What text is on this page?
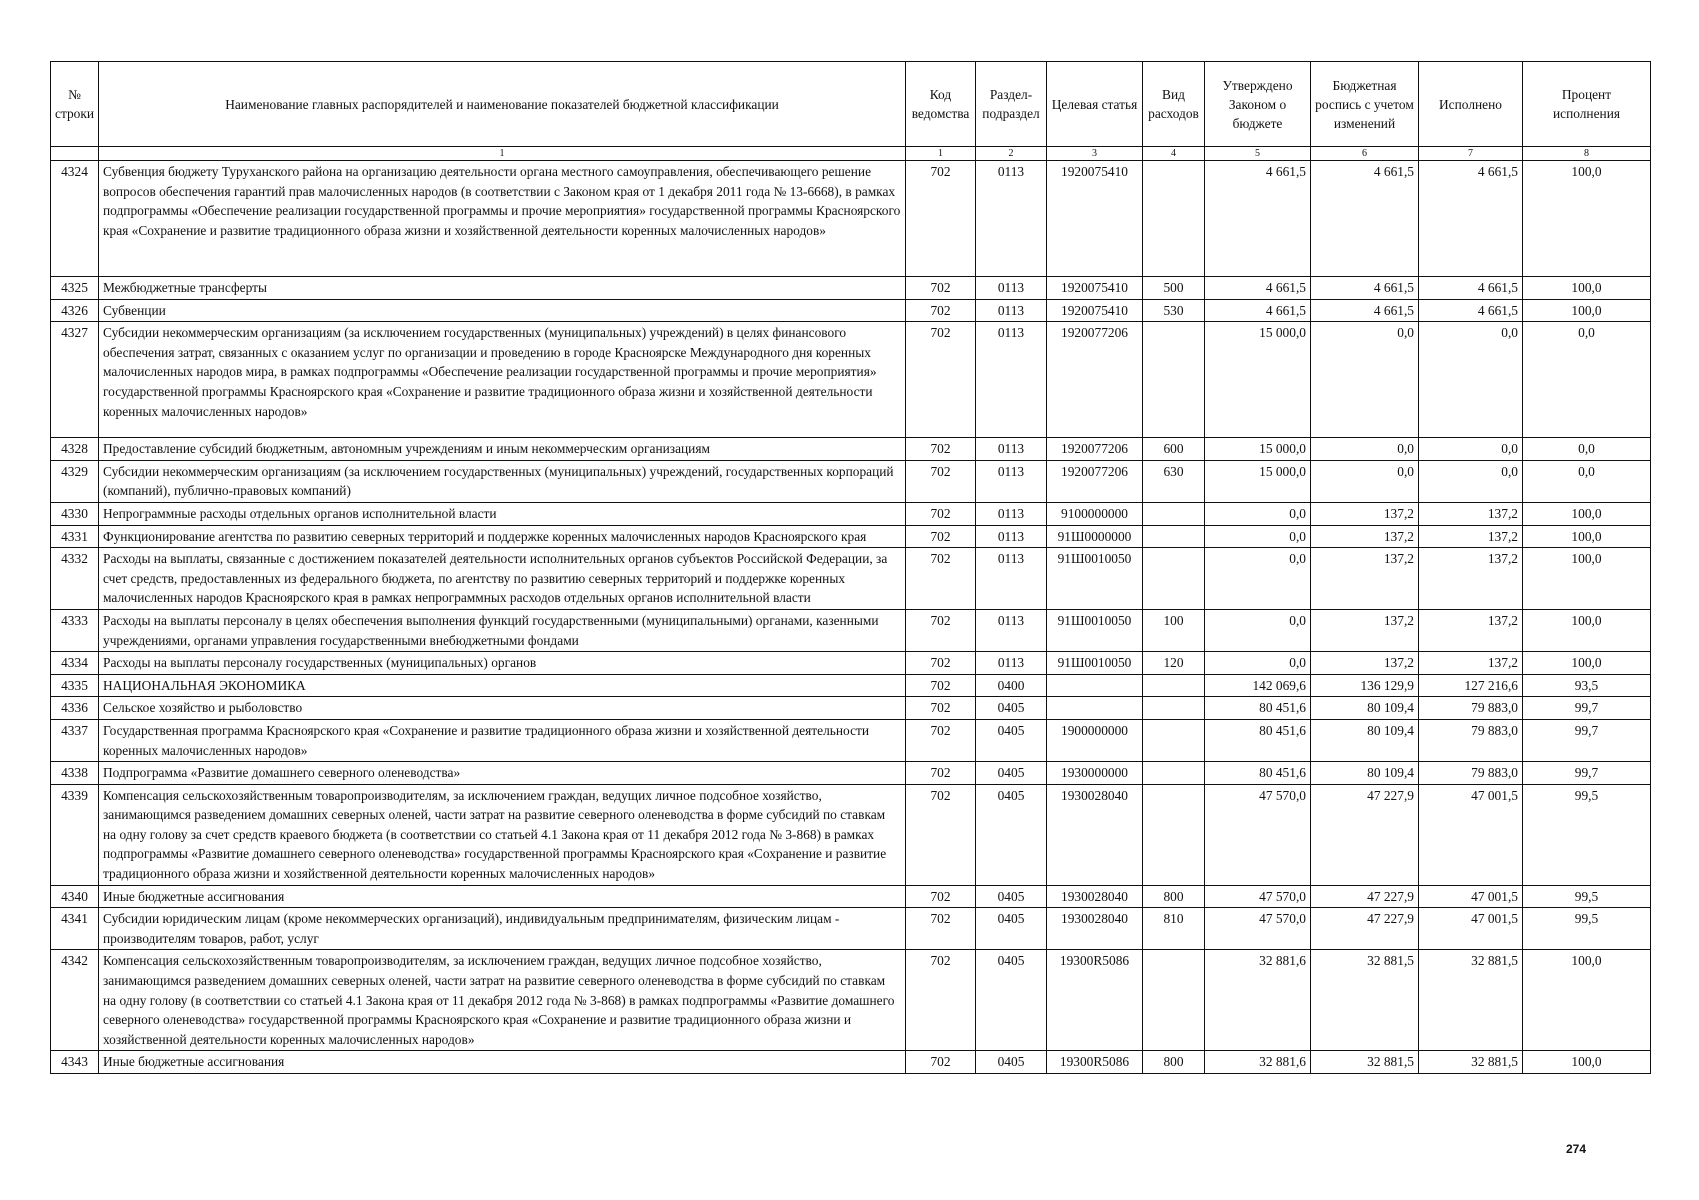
№ строки	Наименование главных распорядителей и наименование показателей бюджетной классификации	Код ведомства	Раздел-подраздел	Целевая статья	Вид расходов	Утверждено Законом о бюджете	Бюджетная роспись с учетом изменений	Исполнено	Процент исполнения
	1	1	2	3	4	5	6	7	8
4324	Субвенция бюджету Туруханского района на организацию деятельности органа местного самоуправления, обеспечивающего решение вопросов обеспечения гарантий прав малочисленных народов (в соответствии с Законом края от 1 декабря 2011 года № 13-6668), в рамках подпрограммы «Обеспечение реализации государственной программы и прочие мероприятия» государственной программы Красноярского края «Сохранение и развитие традиционного образа жизни и хозяйственной деятельности коренных малочисленных народов»	702	0113	1920075410		4 661,5	4 661,5	4 661,5	100,0
4325	Межбюджетные трансферты	702	0113	1920075410	500	4 661,5	4 661,5	4 661,5	100,0
4326	Субвенции	702	0113	1920075410	530	4 661,5	4 661,5	4 661,5	100,0
4327	Субсидии некоммерческим организациям (за исключением государственных (муниципальных) учреждений) в целях финансового обеспечения затрат, связанных с оказанием услуг по организации и проведению в городе Красноярске Международного дня коренных малочисленных народов мира, в рамках подпрограммы «Обеспечение реализации государственной программы и прочие мероприятия» государственной программы Красноярского края «Сохранение и развитие традиционного образа жизни и хозяйственной деятельности коренных малочисленных народов»	702	0113	1920077206		15 000,0	0,0	0,0	0,0
4328	Предоставление субсидий бюджетным, автономным учреждениям и иным некоммерческим организациям	702	0113	1920077206	600	15 000,0	0,0	0,0	0,0
4329	Субсидии некоммерческим организациям (за исключением государственных (муниципальных) учреждений, государственных корпораций (компаний), публично-правовых компаний)	702	0113	1920077206	630	15 000,0	0,0	0,0	0,0
4330	Непрограммные расходы отдельных органов исполнительной власти	702	0113	9100000000		0,0	137,2	137,2	100,0
4331	Функционирование агентства по развитию северных территорий и поддержке коренных малочисленных народов Красноярского края	702	0113	91Ш0000000		0,0	137,2	137,2	100,0
4332	Расходы на выплаты, связанные с достижением показателей деятельности исполнительных органов субъектов Российской Федерации, за счет средств, предоставленных из федерального бюджета, по агентству по развитию северных территорий и поддержке коренных малочисленных народов Красноярского края в рамках непрограммных расходов отдельных органов исполнительной власти	702	0113	91Ш0010050		0,0	137,2	137,2	100,0
4333	Расходы на выплаты персоналу в целях обеспечения выполнения функций государственными (муниципальными) органами, казенными учреждениями, органами управления государственными внебюджетными фондами	702	0113	91Ш0010050	100	0,0	137,2	137,2	100,0
4334	Расходы на выплаты персоналу государственных (муниципальных) органов	702	0113	91Ш0010050	120	0,0	137,2	137,2	100,0
4335	НАЦИОНАЛЬНАЯ ЭКОНОМИКА	702	0400			142 069,6	136 129,9	127 216,6	93,5
4336	Сельское хозяйство и рыболовство	702	0405			80 451,6	80 109,4	79 883,0	99,7
4337	Государственная программа Красноярского края «Сохранение и развитие традиционного образа жизни и хозяйственной деятельности коренных малочисленных народов»	702	0405	1900000000		80 451,6	80 109,4	79 883,0	99,7
4338	Подпрограмма «Развитие домашнего северного оленеводства»	702	0405	1930000000		80 451,6	80 109,4	79 883,0	99,7
4339	Компенсация сельскохозяйственным товаропроизводителям, за исключением граждан, ведущих личное подсобное хозяйство, занимающимся разведением домашних северных оленей, части затрат на развитие северного оленеводства в форме субсидий по ставкам на одну голову за счет средств краевого бюджета (в соответствии со статьей 4.1 Закона края от 11 декабря 2012 года № 3-868) в рамках подпрограммы «Развитие домашнего северного оленеводства» государственной программы Красноярского края «Сохранение и развитие традиционного образа жизни и хозяйственной деятельности коренных малочисленных народов»	702	0405	1930028040		47 570,0	47 227,9	47 001,5	99,5
4340	Иные бюджетные ассигнования	702	0405	1930028040	800	47 570,0	47 227,9	47 001,5	99,5
4341	Субсидии юридическим лицам (кроме некоммерческих организаций), индивидуальным предпринимателям, физическим лицам - производителям товаров, работ, услуг	702	0405	1930028040	810	47 570,0	47 227,9	47 001,5	99,5
4342	Компенсация сельскохозяйственным товаропроизводителям, за исключением граждан, ведущих личное подсобное хозяйство, занимающимся разведением домашних северных оленей, части затрат на развитие северного оленеводства в форме субсидий по ставкам на одну голову (в соответствии со статьей 4.1 Закона края от 11 декабря 2012 года № 3-868) в рамках подпрограммы «Развитие домашнего северного оленеводства» государственной программы Красноярского края «Сохранение и развитие традиционного образа жизни и хозяйственной деятельности коренных малочисленных народов»	702	0405	19300R5086		32 881,6	32 881,5	32 881,5	100,0
4343	Иные бюджетные ассигнования	702	0405	19300R5086	800	32 881,6	32 881,5	32 881,5	100,0
274
